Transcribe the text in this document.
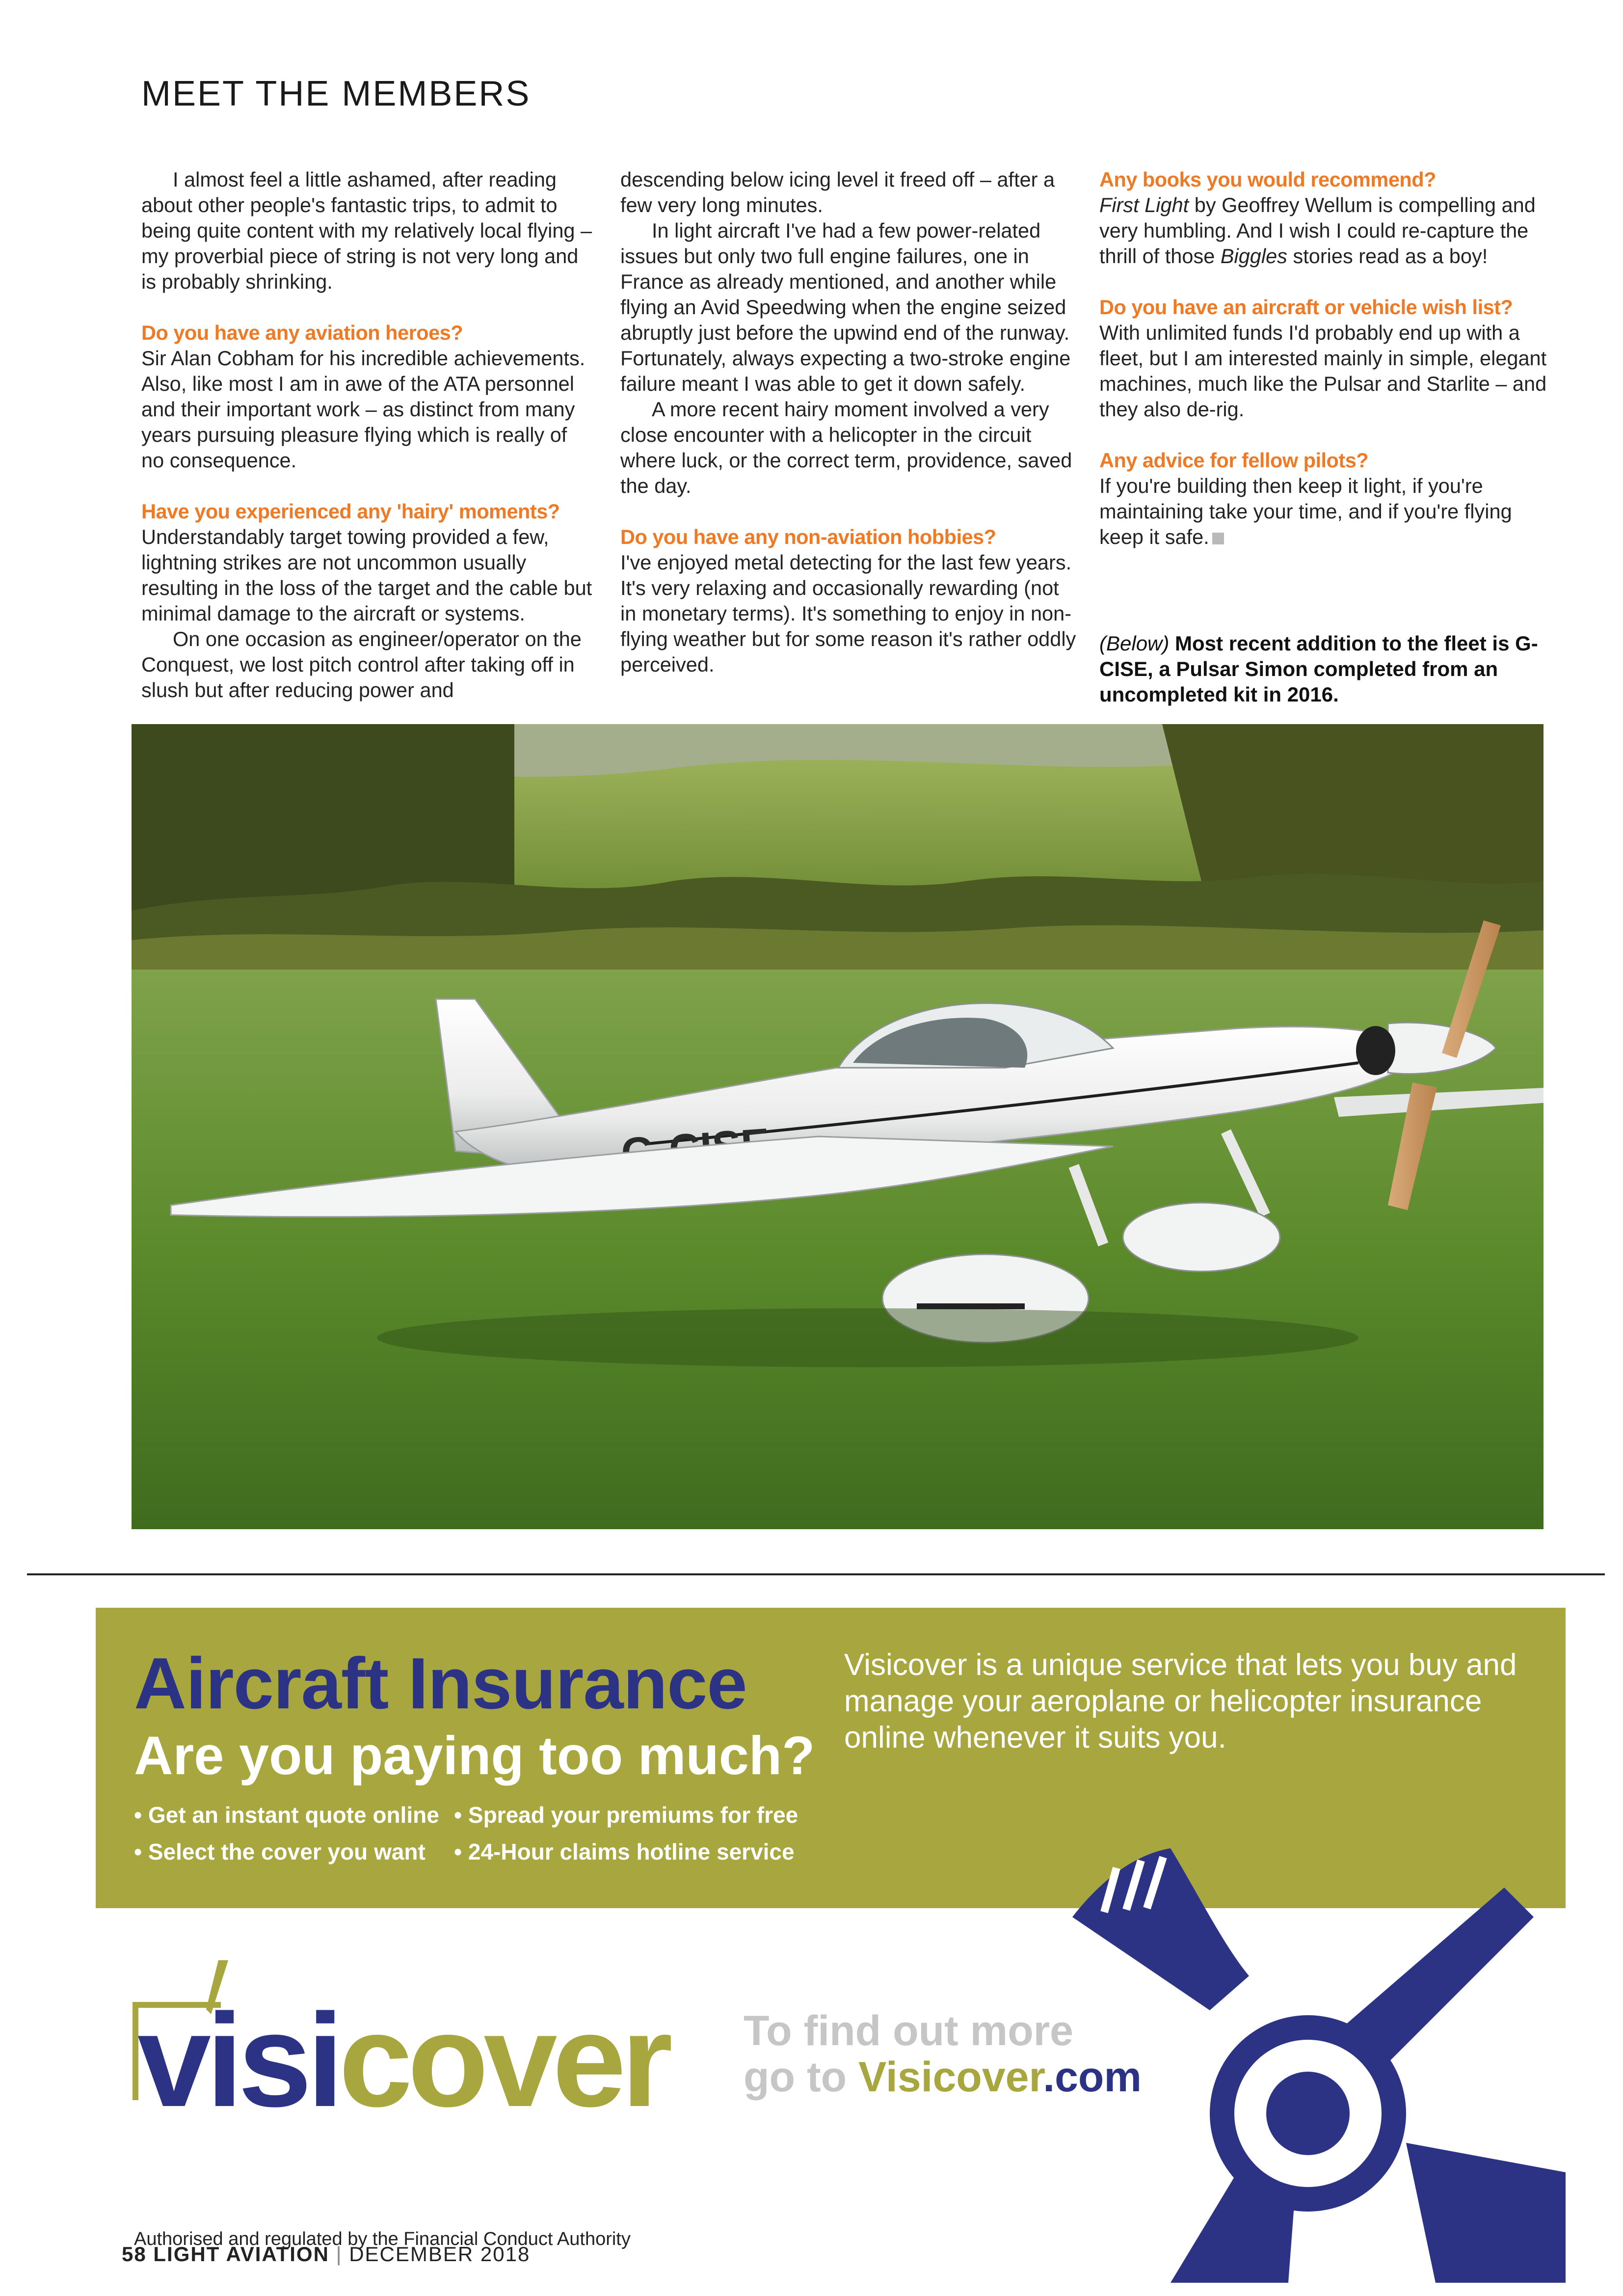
MEET THE MEMBERS

I almost feel a little ashamed, after reading about other people's fantastic trips, to admit to being quite content with my relatively local flying – my proverbial piece of string is not very long and is probably shrinking.

Do you have any aviation heroes?

Sir Alan Cobham for his incredible achievements. Also, like most I am in awe of the ATA personnel and their important work – as distinct from many years pursuing pleasure flying which is really of no consequence.

Have you experienced any 'hairy' moments?

Understandably target towing provided a few, lightning strikes are not uncommon usually resulting in the loss of the target and the cable but minimal damage to the aircraft or systems.

On one occasion as engineer/operator on the Conquest, we lost pitch control after taking off in slush but after reducing power and

descending below icing level it freed off – after a few very long minutes.

In light aircraft I've had a few power-related issues but only two full engine failures, one in France as already mentioned, and another while flying an Avid Speedwing when the engine seized abruptly just before the upwind end of the runway. Fortunately, always expecting a two-stroke engine failure meant I was able to get it down safely.

A more recent hairy moment involved a very close encounter with a helicopter in the circuit where luck, or the correct term, providence, saved the day.

Do you have any non-aviation hobbies?

I've enjoyed metal detecting for the last few years. It's very relaxing and occasionally rewarding (not in monetary terms). It's something to enjoy in non-flying weather but for some reason it's rather oddly perceived.

Any books you would recommend?

First Light by Geoffrey Wellum is compelling and very humbling. And I wish I could re-capture the thrill of those Biggles stories read as a boy!

Do you have an aircraft or vehicle wish list?

With unlimited funds I'd probably end up with a fleet, but I am interested mainly in simple, elegant machines, much like the Pulsar and Starlite – and they also de-rig.

Any advice for fellow pilots?

If you're building then keep it light, if you're maintaining take your time, and if you're flying keep it safe.

(Below) Most recent addition to the fleet is G-CISE, a Pulsar Simon completed from an uncompleted kit in 2016.
Aircraft Insurance
Are you paying too much?
Visicover is a unique service that lets you buy and manage your aeroplane or helicopter insurance online whenever it suits you.
• Get an instant quote online • Spread your premiums for free
• Select the cover you want • 24-Hour claims hotline service
visicover To find out more
go to Visicover.com
Authorised and regulated by the Financial Conduct Authority
58 LIGHT AVIATION | DECEMBER 2018
